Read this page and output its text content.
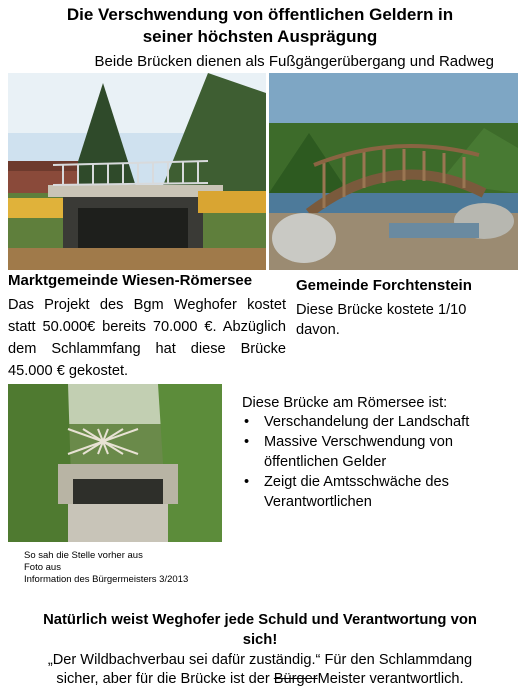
Die Verschwendung von öffentlichen Geldern in
seiner höchsten Ausprägung
Beide Brücken dienen als Fußgängerübergang und Radweg
Marktgemeinde Wiesen-Römersee
Das Projekt des Bgm Weghofer kostet statt 50.000€ bereits 70.000 €. Abzüglich dem Schlammfang hat diese Brücke 45.000 € gekostet.
Gemeinde Forchtenstein
Diese Brücke kostete 1/10 davon.
Diese Brücke am Römersee ist:
• Verschandelung der Landschaft
• Massive Verschwendung von öffentlichen Gelder
• Zeigt die Amtsschwäche des Verantwortlichen
So sah die Stelle vorher aus
Foto aus
Information des Bürgermeisters 3/2013
Natürlich weist Weghofer jede Schuld und Verantwortung von
sich!
„Der Wildbachverbau sei dafür zuständig.“ Für den Schlammdang
sicher, aber für die Brücke ist der BürgerMeister verantwortlich.
